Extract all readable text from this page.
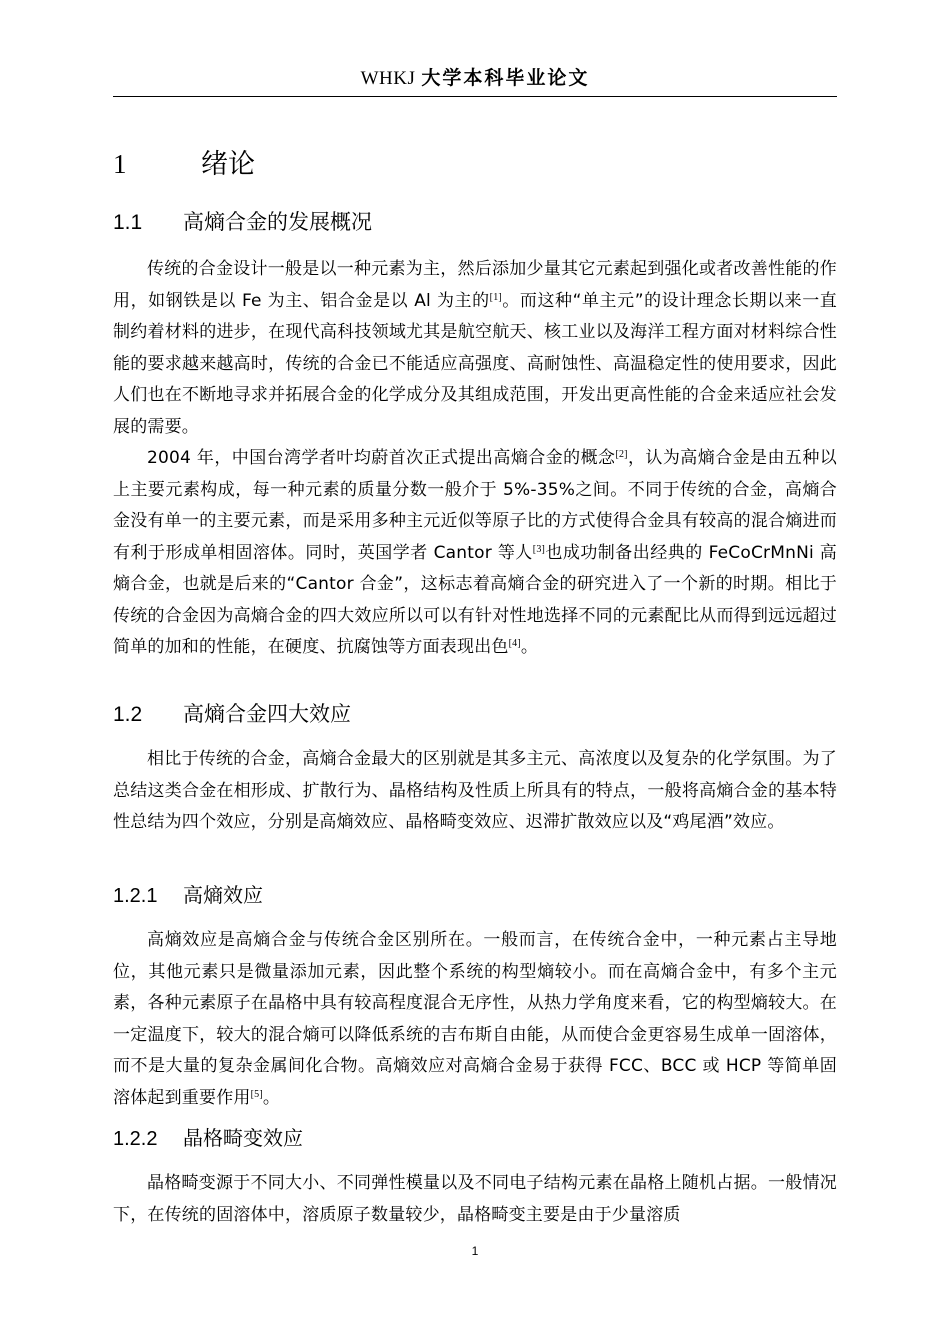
WHKJ 大学本科毕业论文
1	绪论
1.1 高熵合金的发展概况

传统的合金设计一般是以一种元素为主，然后添加少量其它元素起到强化或者改善性能的作用，如钢铁是以 Fe 为主、铝合金是以 Al 为主的[1]。而这种“单主元”的设计理念长期以来一直制约着材料的进步，在现代高科技领域尤其是航空航天、核工业以及海洋工程方面对材料综合性能的要求越来越高时，传统的合金已不能适应高强度、高耐蚀性、高温稳定性的使用要求，因此人们也在不断地寻求并拓展合金的化学成分及其组成范围，开发出更高性能的合金来适应社会发展的需要。

2004 年，中国台湾学者叶均蔚首次正式提出高熵合金的概念[2]，认为高熵合金是由五种以上主要元素构成，每一种元素的质量分数一般介于 5%-35%之间。不同于传统的合金，高熵合金没有单一的主要元素，而是采用多种主元近似等原子比的方式使得合金具有较高的混合熵进而有利于形成单相固溶体。同时，英国学者 Cantor 等人[3]也成功制备出经典的 FeCoCrMnNi 高熵合金，也就是后来的“Cantor 合金”，这标志着高熵合金的研究进入了一个新的时期。相比于传统的合金因为高熵合金的四大效应所以可以有针对性地选择不同的元素配比从而得到远远超过简单的加和的性能，在硬度、抗腐蚀等方面表现出色[4]。

1.2 高熵合金四大效应

相比于传统的合金，高熵合金最大的区别就是其多主元、高浓度以及复杂的化学氛围。为了总结这类合金在相形成、扩散行为、晶格结构及性质上所具有的特点，一般将高熵合金的基本特性总结为四个效应，分别是高熵效应、晶格畸变效应、迟滞扩散效应以及“鸡尾酒”效应。

1.2.1 高熵效应

高熵效应是高熵合金与传统合金区别所在。一般而言，在传统合金中，一种元素占主导地位，其他元素只是微量添加元素，因此整个系统的构型熵较小。而在高熵合金中，有多个主元素，各种元素原子在晶格中具有较高程度混合无序性，从热力学角度来看，它的构型熵较大。在一定温度下，较大的混合熵可以降低系统的吉布斯自由能，从而使合金更容易生成单一固溶体，而不是大量的复杂金属间化合物。高熵效应对高熵合金易于获得 FCC、BCC 或 HCP 等简单固溶体起到重要作用[5]。

1.2.2 晶格畸变效应

晶格畸变源于不同大小、不同弹性模量以及不同电子结构元素在晶格上随机占据。一般情况下，在传统的固溶体中，溶质原子数量较少，晶格畸变主要是由于少量溶质

1
